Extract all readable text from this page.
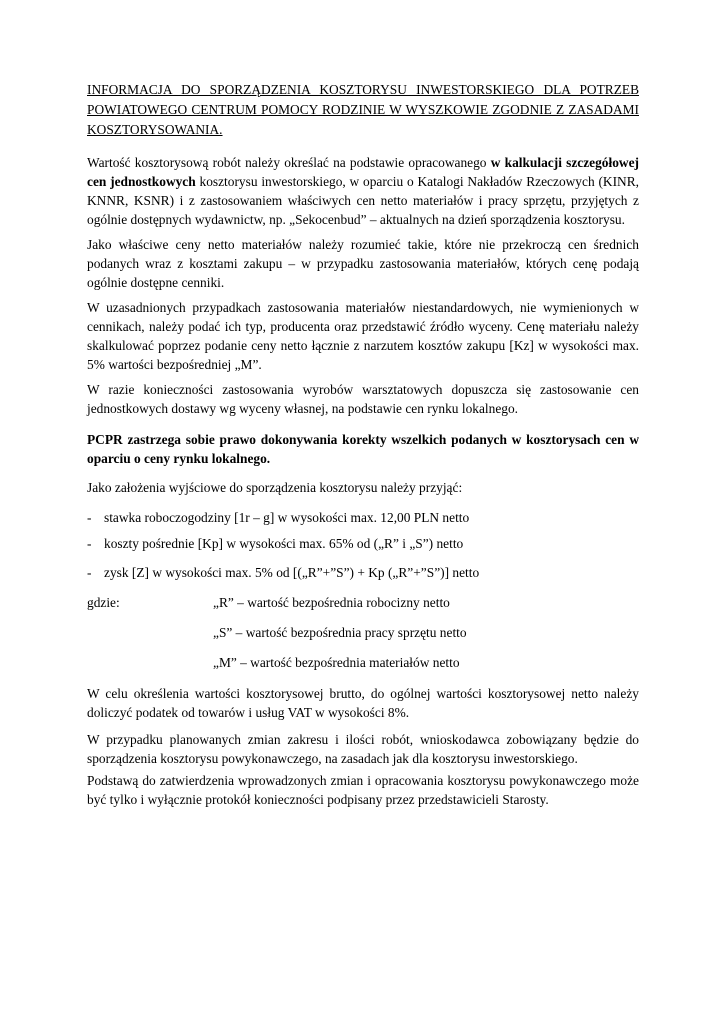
INFORMACJA DO SPORZĄDZENIA KOSZTORYSU INWESTORSKIEGO DLA POTRZEB POWIATOWEGO CENTRUM POMOCY RODZINIE W WYSZKOWIE ZGODNIE Z ZASADAMI KOSZTORYSOWANIA.

Wartość kosztorysową robót należy określać na podstawie opracowanego w kalkulacji szczegółowej cen jednostkowych kosztorysu inwestorskiego, w oparciu o Katalogi Nakładów Rzeczowych (KINR, KNNR, KSNR) i z zastosowaniem właściwych cen netto materiałów i pracy sprzętu, przyjętych z ogólnie dostępnych wydawnictw, np. „Sekocenbud” – aktualnych na dzień sporządzenia kosztorysu.

Jako właściwe ceny netto materiałów należy rozumieć takie, które nie przekroczą cen średnich podanych wraz z kosztami zakupu – w przypadku zastosowania materiałów, których cenę podają ogólnie dostępne cenniki.

W uzasadnionych przypadkach zastosowania materiałów niestandardowych, nie wymienionych w cennikach, należy podać ich typ, producenta oraz przedstawić źródło wyceny. Cenę materiału należy skalkulować poprzez podanie ceny netto łącznie z narzutem kosztów zakupu [Kz] w wysokości max. 5% wartości bezpośredniej „M”.

W razie konieczności zastosowania wyrobów warsztatowych dopuszcza się zastosowanie cen jednostkowych dostawy wg wyceny własnej, na podstawie cen rynku lokalnego.

PCPR zastrzega sobie prawo dokonywania korekty wszelkich podanych w kosztorysach cen w oparciu o ceny rynku lokalnego.

Jako założenia wyjściowe do sporządzenia kosztorysu należy przyjąć:

- stawka roboczogodziny [1r – g] w wysokości max. 12,00 PLN netto

- koszty pośrednie [Kp] w wysokości max. 65% od („R” i „S”) netto

- zysk [Z] w wysokości max. 5% od [(„R”+”S”) + Kp („R”+”S”)] netto

gdzie:	„R” – wartość bezpośrednia robocizny netto
„S” – wartość bezpośrednia pracy sprzętu netto
„M” – wartość bezpośrednia materiałów netto

W celu określenia wartości kosztorysowej brutto, do ogólnej wartości kosztorysowej netto należy doliczyć podatek od towarów i usług VAT w wysokości 8%.

W przypadku planowanych zmian zakresu i ilości robót, wnioskodawca zobowiązany będzie do sporządzenia kosztorysu powykonawczego, na zasadach jak dla kosztorysu inwestorskiego.

Podstawą do zatwierdzenia wprowadzonych zmian i opracowania kosztorysu powykonawczego może być tylko i wyłącznie protokół konieczności podpisany przez przedstawicieli Starosty.
